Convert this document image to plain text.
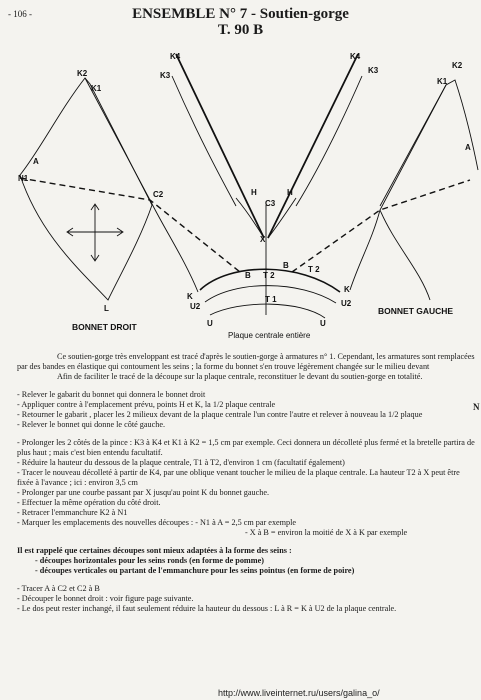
- 106 -	ENSEMBLE N° 7 - Soutien-gorge
T. 90 B
K2
K1
A
N1
C2
L
K4
K3
K4
K3
H	H
C3
X
B
B
T 2
T 2
T 1
K
K
U2	U2
U	U
K1
K2
A
BONNET DROIT
Plaque centrale entière
BONNET GAUCHE

Ce soutien-gorge très enveloppant est tracé d'après le soutien-gorge à armatures n° 1. Cependant, les armatures sont remplacées par des bandes en élastique qui contournent les seins ; la forme du bonnet s'en trouve légèrement changée sur le milieu devant

Afin de faciliter le tracé de la découpe sur la plaque centrale, reconstituer le devant du soutien-gorge en totalité.

- Relever le gabarit du bonnet qui donnera le bonnet droit

- Appliquer contre à l'emplacement prévu, points H et K, la 1/2 plaque centrale

- Retourner le gabarit , placer les 2 milieux devant de la plaque centrale l'un contre l'autre et relever à nouveau la 1/2 plaque

- Relever le bonnet qui donne le côté gauche.

- Prolonger les 2 côtés de la pince : K3 à K4 et K1 à K2 = 1,5 cm par exemple. Ceci donnera un décolleté plus fermé et la bretelle partira de plus haut ; mais c'est bien entendu facultatif.

- Réduire la hauteur du dessous de la plaque centrale, T1 à T2, d'environ 1 cm (facultatif également)

- Tracer le nouveau décolleté à partir de K4, par une oblique venant toucher le milieu de la plaque centrale. La hauteur T2 à X peut être fixée à l'avance ; ici : environ 3,5 cm

- Prolonger par une courbe passant par X jusqu'au point K du bonnet gauche.

- Effectuer la même opération du côté droit.

- Retracer l'emmanchure K2 à N1

- Marquer les emplacements des nouvelles découpes : - N1 à A = 2,5 cm par exemple

- X à B = environ la moitié de X à K par exemple

Il est rappelé que certaines découpes sont mieux adaptées à la forme des seins :

- découpes horizontales pour les seins ronds (en forme de pomme)

- découpes verticales ou partant de l'emmanchure pour les seins pointus (en forme de poire)

- Tracer A à C2 et C2 à B

- Découper le bonnet droit : voir figure page suivante.

- Le dos peut rester inchangé, il faut seulement réduire la hauteur du dessous : L à R = K à U2 de la plaque centrale.

N
http://www.liveinternet.ru/users/galina_o/
